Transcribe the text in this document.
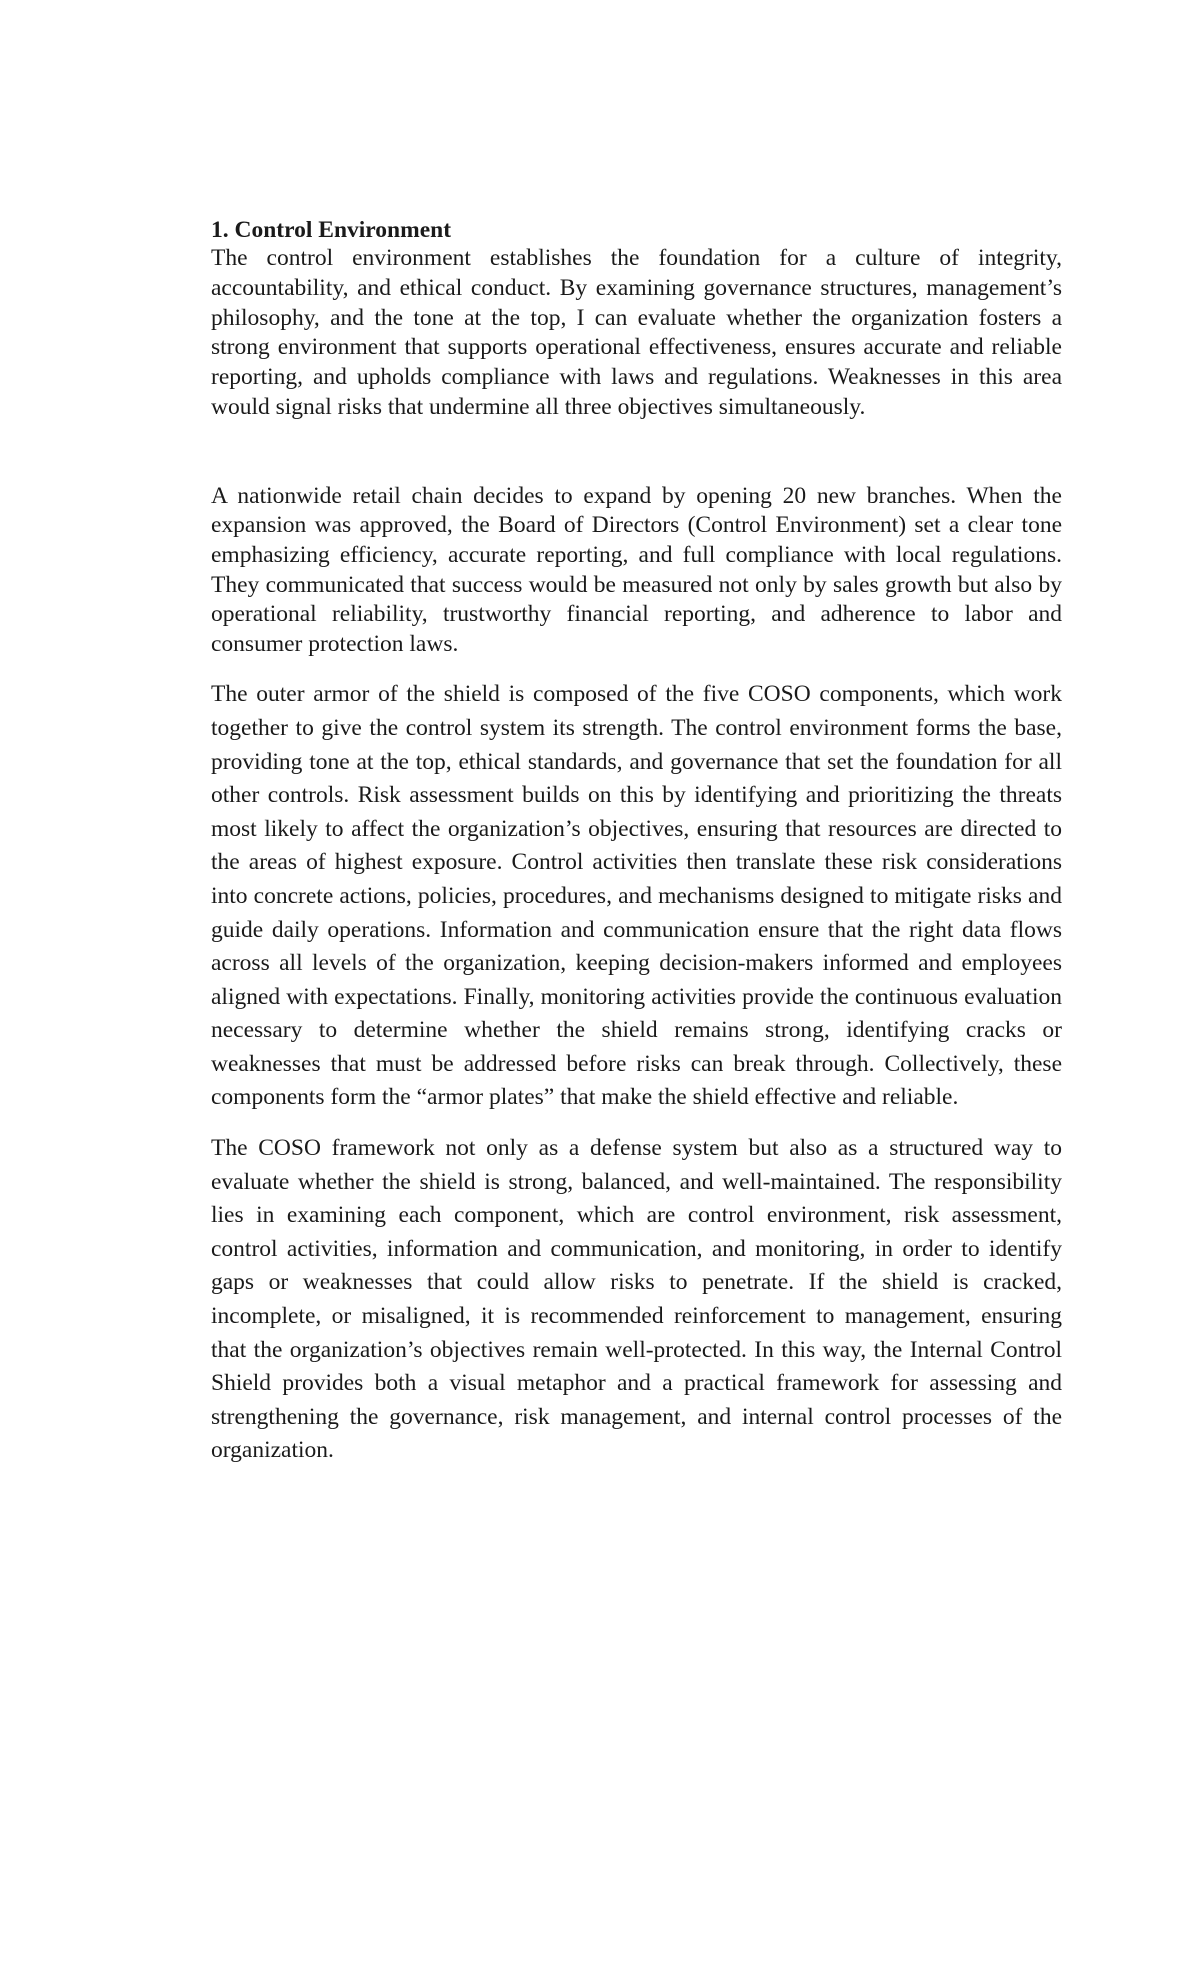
1. Control Environment

The control environment establishes the foundation for a culture of integrity, accountability, and ethical conduct. By examining governance structures, management’s philosophy, and the tone at the top, I can evaluate whether the organization fosters a strong environment that supports operational effectiveness, ensures accurate and reliable reporting, and upholds compliance with laws and regulations. Weaknesses in this area would signal risks that undermine all three objectives simultaneously.

A nationwide retail chain decides to expand by opening 20 new branches. When the expansion was approved, the Board of Directors (Control Environment) set a clear tone emphasizing efficiency, accurate reporting, and full compliance with local regulations. They communicated that success would be measured not only by sales growth but also by operational reliability, trustworthy financial reporting, and adherence to labor and consumer protection laws.

The outer armor of the shield is composed of the five COSO components, which work together to give the control system its strength. The control environment forms the base, providing tone at the top, ethical standards, and governance that set the foundation for all other controls. Risk assessment builds on this by identifying and prioritizing the threats most likely to affect the organization’s objectives, ensuring that resources are directed to the areas of highest exposure. Control activities then translate these risk considerations into concrete actions, policies, procedures, and mechanisms designed to mitigate risks and guide daily operations. Information and communication ensure that the right data flows across all levels of the organization, keeping decision-makers informed and employees aligned with expectations. Finally, monitoring activities provide the continuous evaluation necessary to determine whether the shield remains strong, identifying cracks or weaknesses that must be addressed before risks can break through. Collectively, these components form the “armor plates” that make the shield effective and reliable.

The COSO framework not only as a defense system but also as a structured way to evaluate whether the shield is strong, balanced, and well-maintained. The responsibility lies in examining each component, which are control environment, risk assessment, control activities, information and communication, and monitoring, in order to identify gaps or weaknesses that could allow risks to penetrate. If the shield is cracked, incomplete, or misaligned, it is recommended reinforcement to management, ensuring that the organization’s objectives remain well-protected. In this way, the Internal Control Shield provides both a visual metaphor and a practical framework for assessing and strengthening the governance, risk management, and internal control processes of the organization.
